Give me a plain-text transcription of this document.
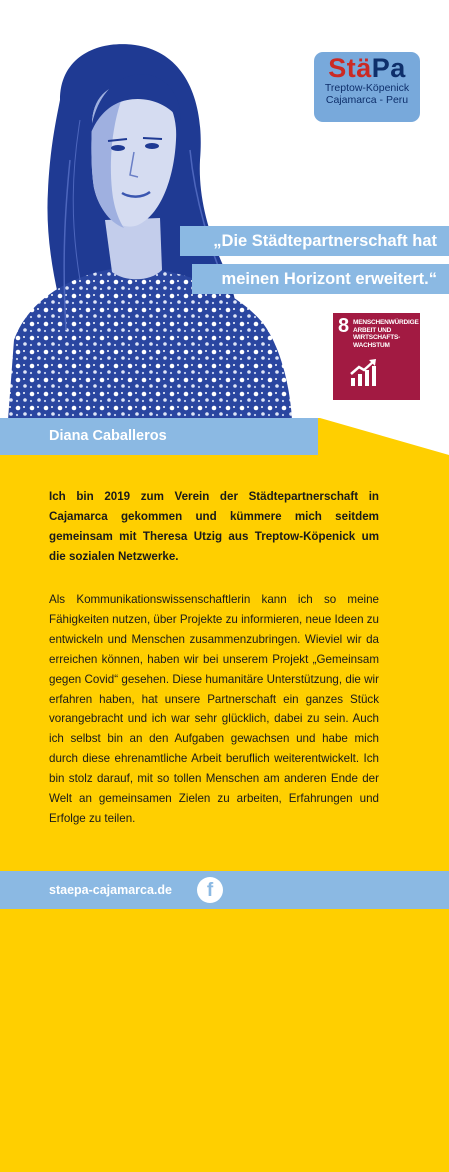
StäPa
Treptow-Köpenick
Cajamarca - Peru
„Die Städtepartnerschaft hat
meinen Horizont erweitert.“
8 MENSCHENWÜRDIGE ARBEIT UND WIRTSCHAFTS-WACHSTUM
Diana Caballeros

Ich bin 2019 zum Verein der Städtepartnerschaft in Cajamarca gekommen und kümmere mich seitdem gemeinsam mit Theresa Utzig aus Treptow-Köpenick um die sozialen Netzwerke.

Als Kommunikationswissenschaftlerin kann ich so meine Fähigkeiten nutzen, über Projekte zu informieren, neue Ideen zu entwickeln und Menschen zusammenzubringen. Wieviel wir da erreichen können, haben wir bei unserem Projekt „Gemeinsam gegen Covid“ gesehen. Diese humanitäre Unterstützung, die wir erfahren haben, hat unsere Partnerschaft ein ganzes Stück vorangebracht und ich war sehr glücklich, dabei zu sein. Auch ich selbst bin an den Aufgaben gewachsen und habe mich durch diese ehrenamtliche Arbeit beruflich weiterentwickelt. Ich bin stolz darauf, mit so tollen Menschen am anderen Ende der Welt an gemeinsamen Zielen zu arbeiten, Erfahrungen und Erfolge zu teilen.

staepa-cajamarca.de	f
